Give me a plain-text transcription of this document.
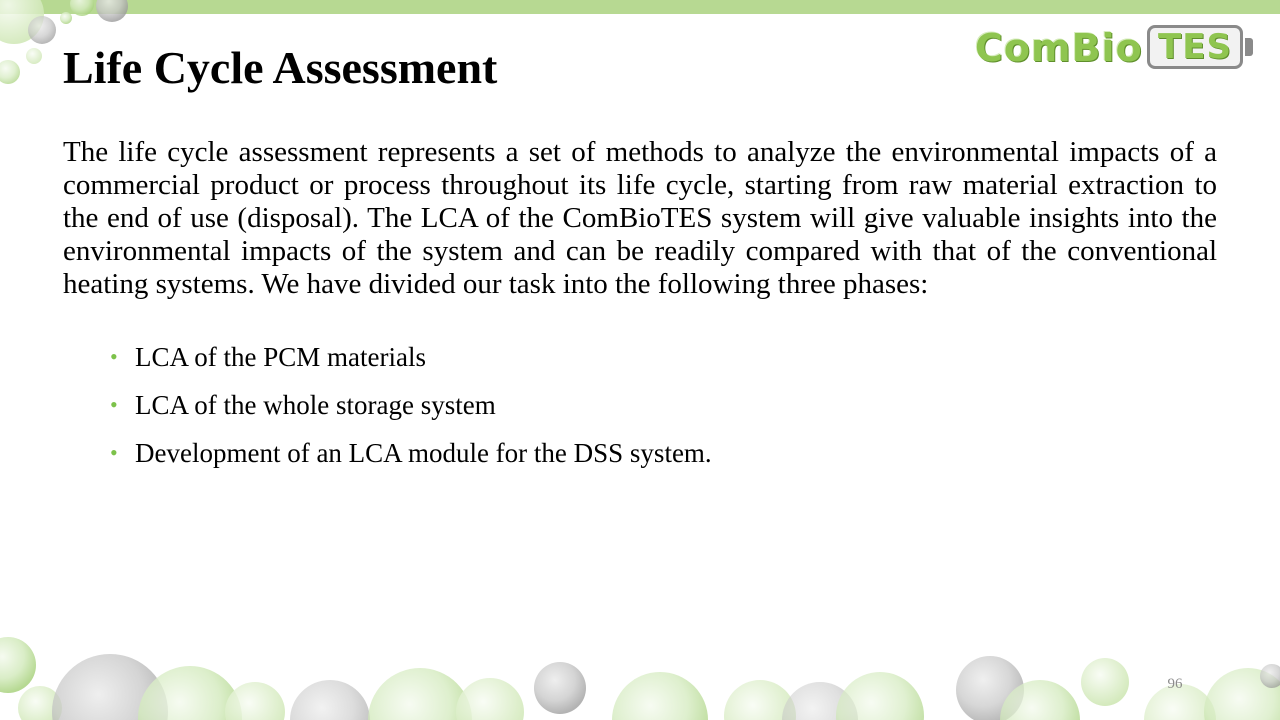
Life Cycle Assessment	ComBio TES

The life cycle assessment represents a set of methods to analyze the environmental impacts of a commercial product or process throughout its life cycle, starting from raw material extraction to the end of use (disposal). The LCA of the ComBioTES system will give valuable insights into the environmental impacts of the system and can be readily compared with that of the conventional heating systems. We have divided our task into the following three phases:

• LCA of the PCM materials
• LCA of the whole storage system
• Development of an LCA module for the DSS system.
96
